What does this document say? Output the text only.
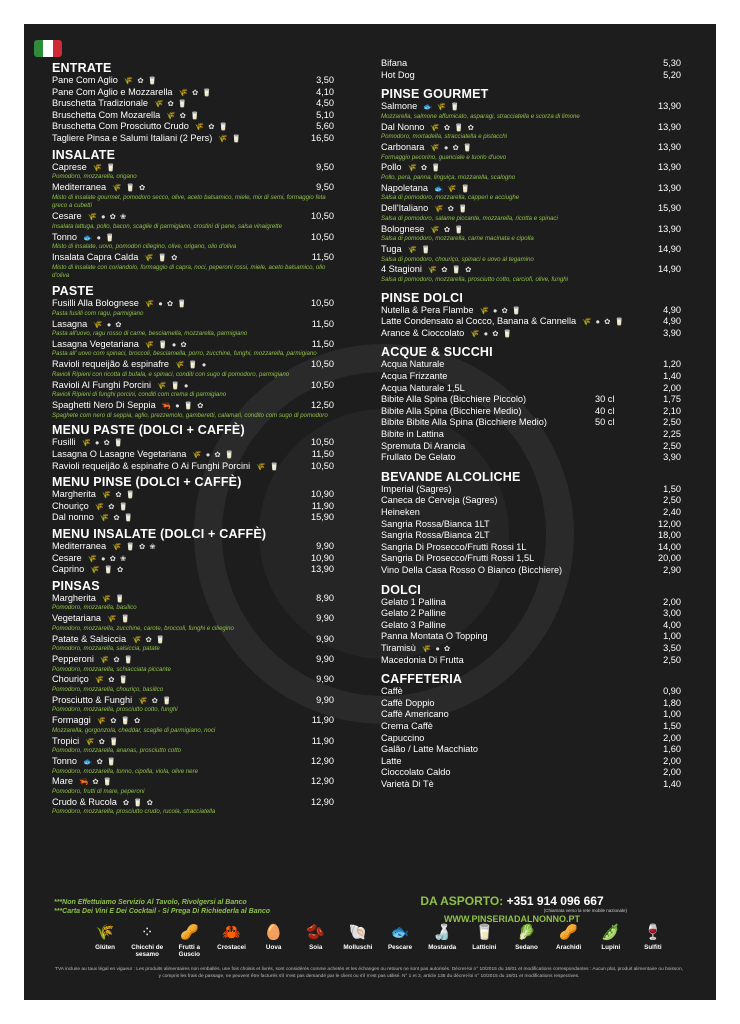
ENTRATE
Pane Com Aglio 🌾 ✿ 🥛	3,50
Pane Com Aglio e Mozzarella 🌾 ✿ 🥛	4,10
Bruschetta Tradizionale 🌾 ✿ 🥛	4,50
Bruschetta Com Mozarella 🌾 ✿ 🥛	5,10
Bruschetta Com Prosciutto Crudo 🌾 ✿ 🥛	5,60
Tagliere Pinsa e Salumi Italiani (2 Pers) 🌾 🥛	16,50
INSALATE
Caprese 🌾 🥛	9,50
Pomodoro, mozzarella, origano
Mediterranea 🌾 🥛 ✿	9,50
Misto di insalate gourmet, pomodoro secco, olive, aceto balsamico, miele, mix di semi, formaggio feta greco a cubetti
Cesare 🌾 ● ✿ ❀	10,50
Insalata lattuga, pollo, bacon, scaglie di parmigiano, crostini di pane, salsa vinaigrette
Tonno 🐟 ● 🥛	10,50
Misto di insalate, uovo, pomodori ciliegino, olive, origano, olio d'oliva
Insalata Capra Calda 🌾 🥛 ✿	11,50
Misto di insalate con coriandolo, formaggio di capra, noci, peperoni rossi, miele, aceto balsamico, olio d'oliva
PASTE
Fusilli Alla Bolognese 🌾 ● ✿ 🥛	10,50
Pasta fusilli com ragu, parmigiano
Lasagna 🌾 ● ✿	11,50
Pasta all'uovo, ragu rosso di carne, besciamella, mozzarella, parmigiano
Lasagna Vegetariana 🌾 🥛 ● ✿	11,50
Pasta all' uovo com spinaci, broccoli, besciamella, porro, zucchine, funghi, mozzarella, parmigiano
Ravioli requeijão & espinafre 🌾 🥛 ●	10,50
Ravioli Ripieni con ricotta di bufala, e spinaci, conditi con sugo di pomodoro, parmigiano
Ravioli Al Funghi Porcini 🌾 🥛 ●	10,50
Ravioli Ripieni di funghi porcini, conditi com crema di parmigiano
Spaghetti Nero Di Seppia 🦐 ● 🥛 ✿	12,50
Spaghete com nero di seppia, aglio, prezzemolo, gamberetti, calamari, condito com sugo di pomodoro
MENU PASTE (DOLCI + CAFFÈ)
Fusilli 🌾 ● ✿ 🥛	10,50
Lasagna O Lasagne Vegetariana 🌾 ● ✿ 🥛	11,50
Ravioli requeijão & espinafre O Ai Funghi Porcini 🌾 🥛	10,50
MENU PINSE (DOLCI + CAFFÈ)
Margherita 🌾 ✿ 🥛	10,90
Chouriço 🌾 ✿ 🥛	11,90
Dal nonno 🌾 ✿ 🥛	15,90
MENU INSALATE (DOLCI + CAFFÈ)
Mediterranea 🌾 🥛 ✿ ❀	9,90
Cesare 🌾 ● ✿ ❀	10,90
Caprino 🌾 🥛 ✿	13,90
PINSAS
Margherita 🌾 🥛	8,90
Pomodoro, mozzarella, basilico
Vegetariana 🌾 🥛	9,90
Pomodoro, mozzarella, zucchine, carote, broccoli, funghi e ciliegino
Patate & Salsiccia 🌾 ✿ 🥛	9,90
Pomodoro, mozzarella, salsiccia, patate
Pepperoni 🌾 ✿ 🥛	9,90
Pomodoro, mozzarella, schiacciata piccante
Chouriço 🌾 ✿ 🥛	9,90
Pomodoro, mozzarella, chouriço, basilico
Prosciutto & Funghi 🌾 ✿ 🥛	9,90
Pomodoro, mozzarella, prosciutto cotto, funghi
Formaggi 🌾 ✿ 🥛 ✿	11,90
Mozzarella, gorgonzola, cheddar, scaglie di parmigiano, noci
Tropici 🌾 ✿ 🥛	11,90
Pomodoro, mozzarella, ananas, prosciutto cotto
Tonno 🐟 ✿ 🥛	12,90
Pomodoro, mozzarella, tonno, cipolla, viola, olive nere
Mare 🦐 ✿ 🥛	12,90
Pomodoro, frutti di mare, peperoni
Crudo & Rucola ✿ 🥛 ✿	12,90
Pomodoro, mozzarella, prosciutto crudo, rucola, stracciatella
Bifana	5,30
Hot Dog	5,20
PINSE GOURMET
Salmone 🐟 🌾 🥛	13,90
Mozzarella, salmone affumicato, asparagi, stracciatella e scorza di limone
Dal Nonno 🌾 ✿ 🥛 ✿	13,90
Pomodoro, mortadella, stracciatella e pistacchi
Carbonara 🌾 ● ✿ 🥛	13,90
Formaggio pecorino, guanciale e tuorlo d'uovo
Pollo 🌾 ✿ 🥛	13,90
Pollo, pera, panna, linguiça, mozzarella, scalogno
Napoletana 🐟 🌾 🥛	13,90
Salsa di pomodoro, mozzarella, capperi e acciughe
Dell'Italiano 🌾 ✿ 🥛	15,90
Salsa di pomodoro, salame piccante, mozzarella, ricotta e spinaci
Bolognese 🌾 ✿ 🥛	13,90
Salsa di pomodoro, mozzarella, carne macinata e cipolla
Tuga 🌾 🥛	14,90
Salsa di pomodoro, chouriço, spinaci e uovo al tegamino
4 Stagioni 🌾 ✿ 🥛 ✿	14,90
Salsa di pomodoro, mozzarella, prosciutto cotto, carciofi, olive, funghi
PINSE DOLCI
Nutella & Pera Flambe 🌾 ● ✿ 🥛	4,90
Latte Condensato al Cocco, Banana & Cannella 🌾 ● ✿ 🥛	4,90
Arance & Cioccolato 🌾 ● ✿ 🥛	3,90
ACQUE & SUCCHI
Acqua Naturale	1,20
Acqua Frizzante	1,40
Acqua Naturale 1,5L	2,00
Bibite Alla Spina (Bicchiere Piccolo)	30 cl	1,75
Bibite Alla Spina (Bicchiere Medio)	40 cl	2,10
Bibite Bibite Alla Spina (Bicchiere Medio)	50 cl	2,50
Bibite in Lattina	2,25
Spremuta Di Arancia	2,50
Frullato De Gelato	3,90
BEVANDE ALCOLICHE
Imperial (Sagres)	1,50
Caneca de Cerveja (Sagres)	2,50
Heineken	2,40
Sangria Rossa/Bianca 1LT	12,00
Sangria Rossa/Bianca 2LT	18,00
Sangria Di Prosecco/Frutti Rossi 1L	14,00
Sangria Di Prosecco/Frutti Rossi 1,5L	20,00
Vino Della Casa Rosso O Bianco (Bicchiere)	2,90
DOLCI
Gelato 1 Pallina	2,00
Gelato 2 Palline	3,00
Gelato 3 Palline	4,00
Panna Montata O Topping	1,00
Tiramisù 🌾 ● ✿	3,50
Macedonia Di Frutta	2,50
CAFFETERIA
Caffè	0,90
Caffè Doppio	1,80
Caffè Americano	1,00
Crema Caffè	1,50
Capuccino	2,00
Galão / Latte Macchiato	1,60
Latte	2,00
Cioccolato Caldo	2,00
Varietà Di Tè	1,40
***Non Effettuiamo Servizio Al Tavolo, Rivolgersi al Banco
***Carta Dei Vini E Dei Cocktail - Si Prega Di Richiederla al Banco
DA ASPORTO: +351 914 096 667
(Chiamata verso la rete mobile nazionale)
WWW.PINSERIADALNONNO.PT
🌾
Glúten
⁘
Chicchi de sesamo
🥜
Frutti a Guscio
🦀
Crostacei
🥚
Uova
🫘
Soia
🐚
Molluschi
🐟
Pescare
🍶
Mostarda
🥛
Latticini
🥬
Sedano
🥜
Arachidi
🫛
Lupini
🍷
Sulfiti
TVA incluse au taux légal en vigueur : Les produits alimentaires non emballés, une fois choisis et livrés, sont considérés comme achetés et les échanges ou retours ne sont pas autorisés. Décret-loi n° 10/2015 du 16/01 et modifications correspondantes : Aucun plat, produit alimentaire ou boisson, y compris les frais de passage, ne peuvent être facturés s'il n'est pas demandé par le client ou s'il n'est pas utilisé. N° 1 et 3, article 135 du décret-loi n° 10/2015 du 16/01 et modifications respectives.
